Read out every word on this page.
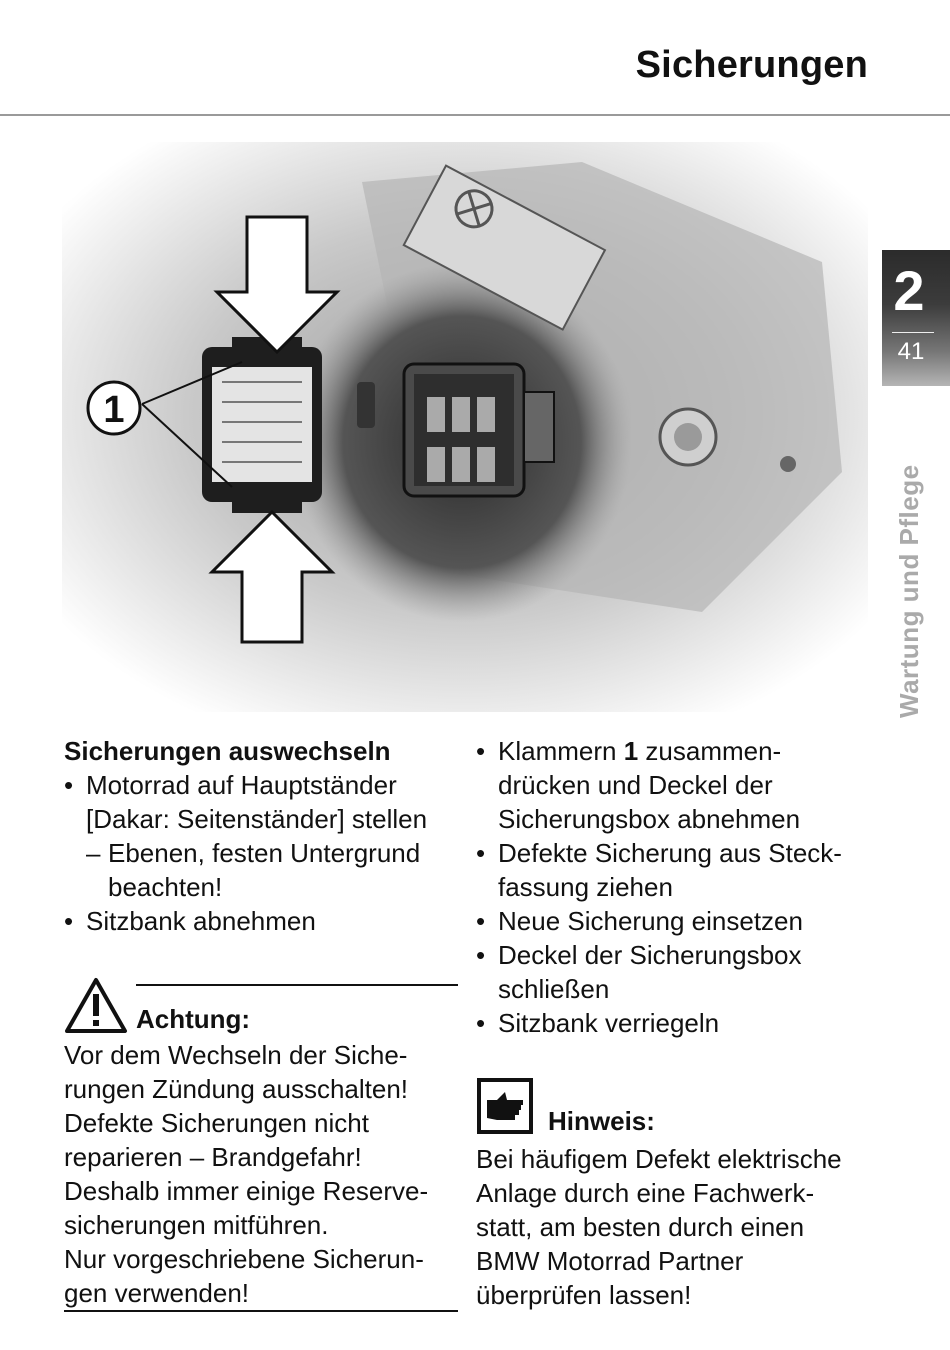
Sicherungen
2
41
Wartung und Pflege
1
Sicherungen auswechseln
• Motorrad auf Hauptständer
[Dakar: Seitenständer] stellen
– Ebenen, festen Untergrund
beachten!
• Sitzbank abnehmen
Achtung:
Vor dem Wechseln der Siche-
rungen Zündung ausschalten!
Defekte Sicherungen nicht
reparieren – Brandgefahr!
Deshalb immer einige Reserve-
sicherungen mitführen.
Nur vorgeschriebene Sicherun-
gen verwenden!
• Klammern 1 zusammen-
drücken und Deckel der
Sicherungsbox abnehmen
• Defekte Sicherung aus Steck-
fassung ziehen
• Neue Sicherung einsetzen
• Deckel der Sicherungsbox
schließen
• Sitzbank verriegeln
Hinweis:
Bei häufigem Defekt elektrische
Anlage durch eine Fachwerk-
statt, am besten durch einen
BMW Motorrad Partner
überprüfen lassen!
